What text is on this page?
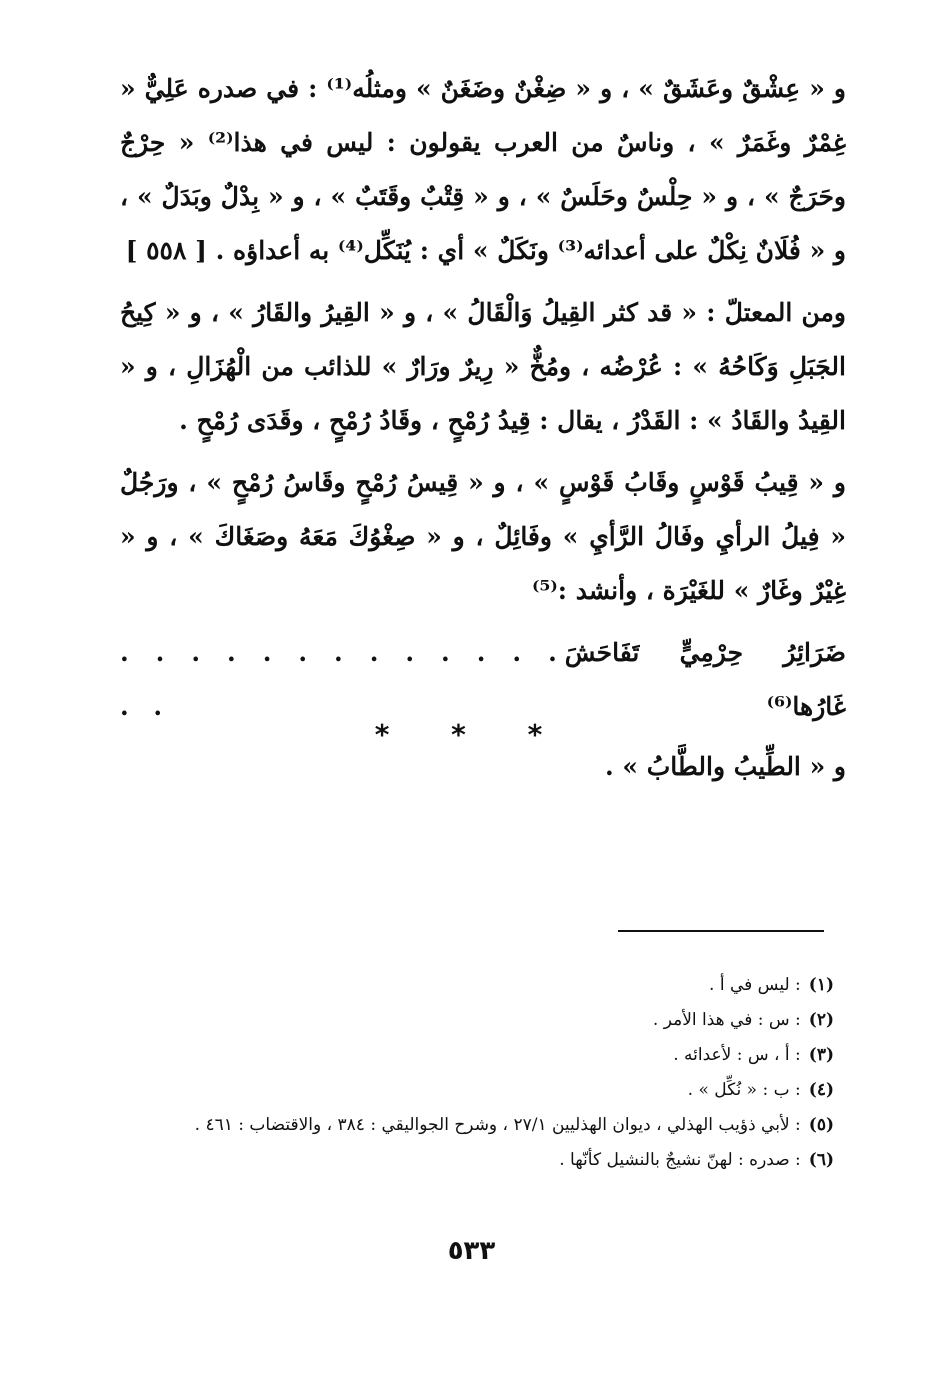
و « عِشْقٌ وعَشَقٌ » ، و « ضِغْنٌ وضَغَنٌ » ومثلُه⁽¹⁾ : في صدره عَلِيٌّ « غِمْرٌ وغَمَرٌ » ، وناسٌ من العرب يقولون : ليس في هذا⁽²⁾ « حِرْجٌ وحَرَجٌ » ، و « حِلْسٌ وحَلَسٌ » ، و « قِتْبٌ وقَتَبٌ » ، و « بِدْلٌ وبَدَلٌ » ، و « فُلَانٌ نِكْلٌ على أعدائه⁽³⁾ ونَكَلٌ » أي : يُنَكِّل⁽⁴⁾ به أعداؤه . [ ٥٥٨ ]

ومن المعتلّ : « قد كثر القِيلُ وَالْقَالُ » ، و « القِيرُ والقَارُ » ، و « كِيحُ الجَبَلِ وَكَاحُهُ » : عُرْضُه ، ومُخٌّ « رِيرٌ ورَارٌ » للذائب من الْهُزَالِ ، و « القِيدُ والقَادُ » : القَدْرُ ، يقال : قِيدُ رُمْحٍ ، وقَادُ رُمْحٍ ، وقَدَى رُمْحٍ .

و « قِيبُ قَوْسٍ وقَابُ قَوْسٍ » ، و « قِيسُ رُمْحٍ وقَاسُ رُمْحٍ » ، ورَجُلٌ « فِيلُ الرأيِ وفَالُ الرَّأيِ » وفَائِلٌ ، و « صِغْوُكَ مَعَهُ وصَغَاكَ » ، و « غِيْرٌ وغَارٌ » للغَيْرَة ، وأنشد :⁽⁵⁾

ضَرَائِرُ حِرْمِيٍّ تَفَاحَشَ غَارُها⁽⁶⁾
. . . . . . . . . . . . . . .

و « الطِّيبُ والطَّابُ » .

* * *

(١): ليس في أ .

(٢): س : في هذا الأمر .

(٣): أ ، س : لأعدائه .

(٤): ب : « نُكِّل » .

(٥): لأبي ذؤيب الهذلي ، ديوان الهذليين ٢٧/١ ، وشرح الجواليقي : ٣٨٤ ، والاقتضاب : ٤٦١ .

(٦): صدره : لهنّ نشيجٌ بالنشيل كأنّها .

٥٣٣
